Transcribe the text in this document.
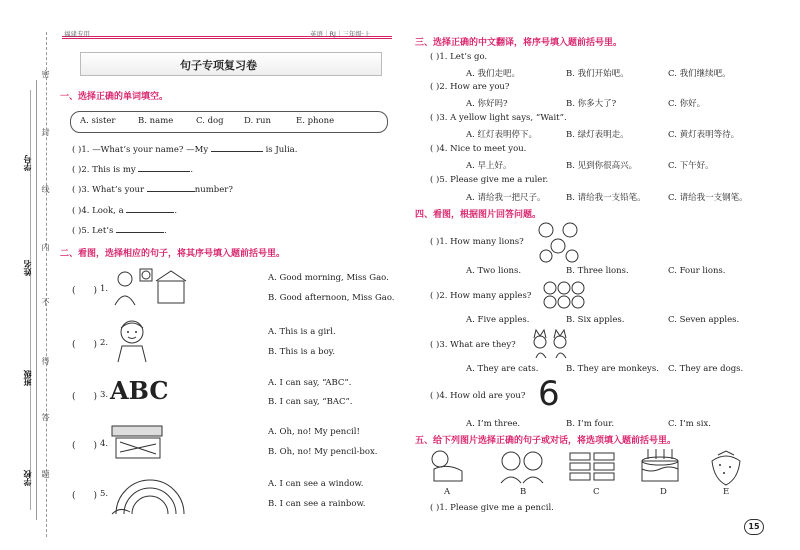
密
封
线
内
不
得
答
题
学号
姓名
班级
学校
福建专用	英语｜RJ｜三年级·上
句子专项复习卷
一、选择正确的单词填空。
A. sister	B. name	C. dog D. run	E. phone
( )1. —What’s your name? —My	is Julia.
( )2. This is my	.
( )3. What’s your	number?
( )4. Look, a	.
( )5. Let’s	.
二、看图，选择相应的句子，将其序号填入题前括号里。
(　　) 1.
A. Good morning, Miss Gao.
B. Good afternoon, Miss Gao.
(　　) 2.
A. This is a girl.
B. This is a boy.
(　　) 3. ABC	A. I can say, “ABC”.
B. I can say, “BAC”.
(　　) 4.
A. Oh, no! My pencil!
B. Oh, no! My pencil-box.
(　　) 5.
A. I can see a window.
B. I can see a rainbow.
三、选择正确的中文翻译，将序号填入题前括号里。
( )1. Let’s go.
A. 我们走吧。	B. 我们开始吧。	C. 我们继续吧。
( )2. How are you?
A. 你好吗?	B. 你多大了?	C. 你好。
( )3. A yellow light says, “Wait”.
A. 红灯表明停下。	B. 绿灯表明走。	C. 黄灯表明等待。
( )4. Nice to meet you.
A. 早上好。	B. 见到你很高兴。	C. 下午好。
( )5. Please give me a ruler.
A. 请给我一把尺子。 B. 请给我一支铅笔。	C. 请给我一支钢笔。
四、看图，根据图片回答问题。
( )1. How many lions?
A. Two lions.	B. Three lions.	C. Four lions.
( )2. How many apples?
A. Five apples.	B. Six apples.	C. Seven apples.
( )3. What are they?
A. They are cats.	B. They are monkeys. C. They are dogs.
( )4. How old are you? 6
A. I’m three.	B. I’m four.	C. I’m six.
五、给下列图片选择正确的句子或对话，将选项填入题前括号里。
A	B	C	D	E
( )1. Please give me a pencil.
15
